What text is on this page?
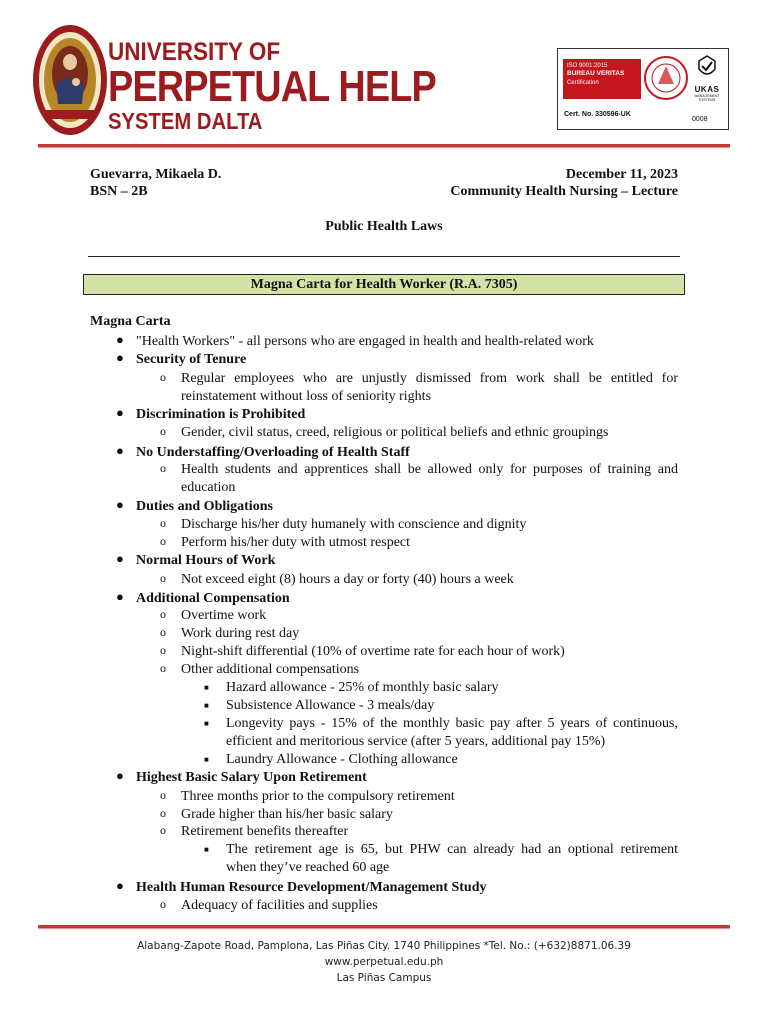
UNIVERSITY OF
PERPETUAL HELP
SYSTEM DALTA
ISO 9001:2015
BUREAU VERITAS
Certification
UKAS
MANAGEMENT SYSTEMS
Cert. No. 330596-UK
0008
Guevarra, Mikaela D.
BSN – 2B
December 11, 2023
Community Health Nursing – Lecture
Public Health Laws
Magna Carta for Health Worker (R.A. 7305)
Magna Carta
● "Health Workers" - all persons who are engaged in health and health-related work
● Security of Tenure
o Regular employees who are unjustly dismissed from work shall be entitled for
reinstatement without loss of seniority rights
● Discrimination is Prohibited
o Gender, civil status, creed, religious or political beliefs and ethnic groupings
● No Understaffing/Overloading of Health Staff
o Health students and apprentices shall be allowed only for purposes of training and
education
● Duties and Obligations
o Discharge his/her duty humanely with conscience and dignity
o Perform his/her duty with utmost respect
● Normal Hours of Work
o Not exceed eight (8) hours a day or forty (40) hours a week
● Additional Compensation
o Overtime work
o Work during rest day
o Night-shift differential (10% of overtime rate for each hour of work)
o Other additional compensations
■ Hazard allowance - 25% of monthly basic salary
■ Subsistence Allowance - 3 meals/day
■ Longevity pays - 15% of the monthly basic pay after 5 years of continuous,
efficient and meritorious service (after 5 years, additional pay 15%)
■ Laundry Allowance - Clothing allowance
● Highest Basic Salary Upon Retirement
o Three months prior to the compulsory retirement
o Grade higher than his/her basic salary
o Retirement benefits thereafter
■ The retirement age is 65, but PHW can already had an optional retirement
when they’ve reached 60 age
● Health Human Resource Development/Management Study
o Adequacy of facilities and supplies
Alabang-Zapote Road, Pamplona, Las Piñas City. 1740 Philippines *Tel. No.: (+632)8871.06.39
www.perpetual.edu.ph
Las Piñas Campus
